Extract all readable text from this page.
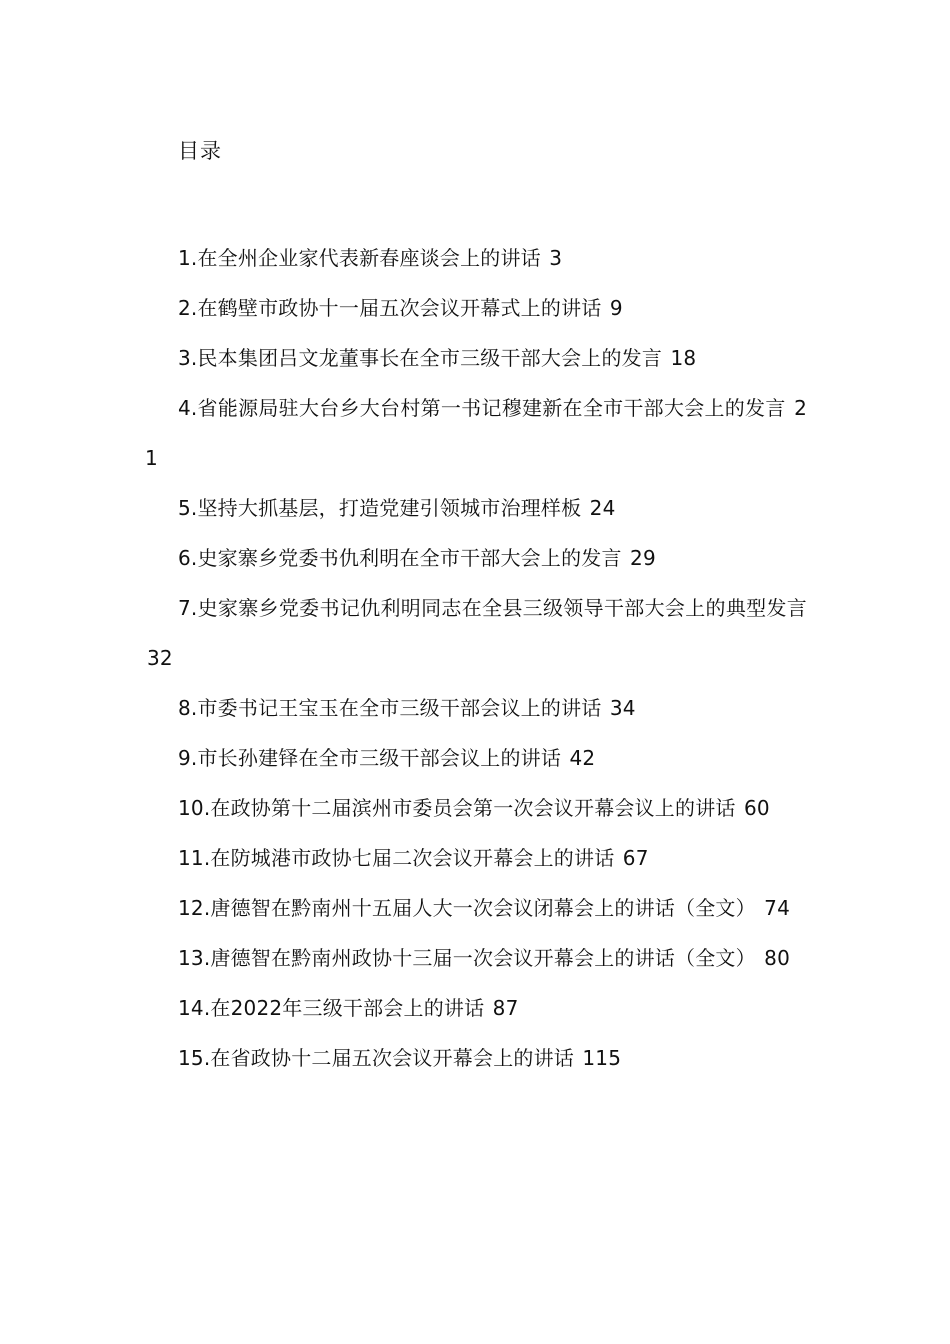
目录
1.在全州企业家代表新春座谈会上的讲话 3
2.在鹤壁市政协十一届五次会议开幕式上的讲话 9
3.民本集团吕文龙董事长在全市三级干部大会上的发言 18
4.省能源局驻大台乡大台村第一书记穆建新在全市干部大会上的发言 21
5.坚持大抓基层，打造党建引领城市治理样板 24
6.史家寨乡党委书仇利明在全市干部大会上的发言 29
7.史家寨乡党委书记仇利明同志在全县三级领导干部大会上的典型发言 32
8.市委书记王宝玉在全市三级干部会议上的讲话 34
9.市长孙建铎在全市三级干部会议上的讲话 42
10.在政协第十二届滨州市委员会第一次会议开幕会议上的讲话 60
11.在防城港市政协七届二次会议开幕会上的讲话 67
12.唐德智在黔南州十五届人大一次会议闭幕会上的讲话（全文） 74
13.唐德智在黔南州政协十三届一次会议开幕会上的讲话（全文） 80
14.在2022年三级干部会上的讲话 87
15.在省政协十二届五次会议开幕会上的讲话 115
